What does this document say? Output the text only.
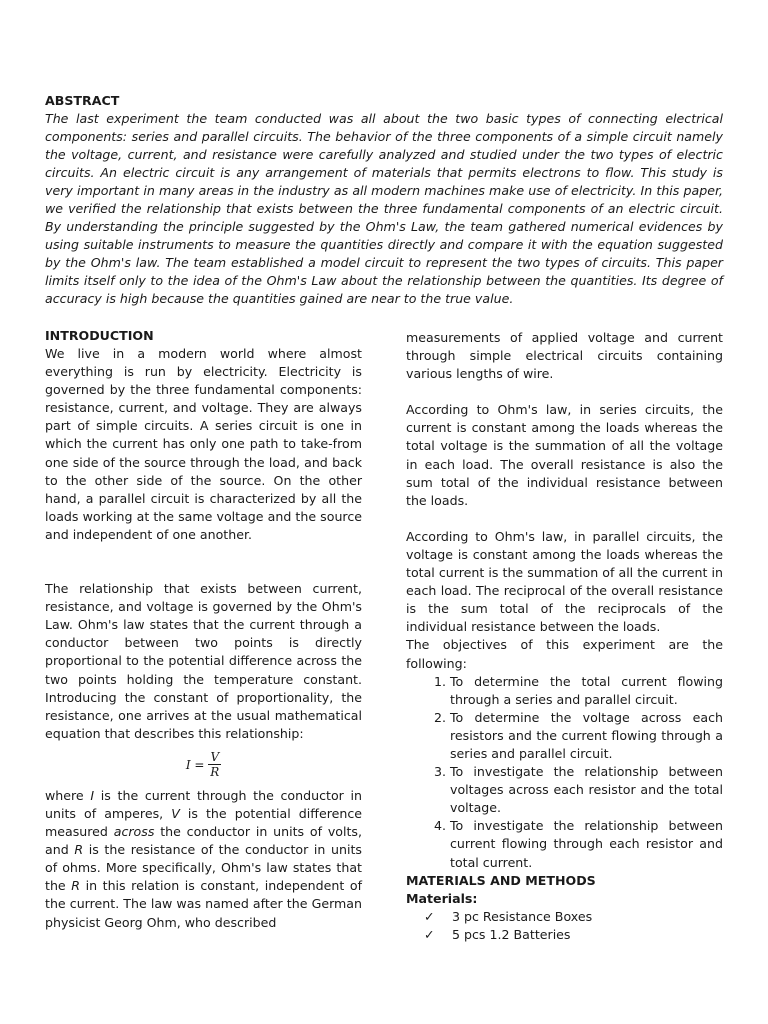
ABSTRACT

The last experiment the team conducted was all about the two basic types of connecting electrical components: series and parallel circuits. The behavior of the three components of a simple circuit namely the voltage, current, and resistance were carefully analyzed and studied under the two types of electric circuits. An electric circuit is any arrangement of materials that permits electrons to flow. This study is very important in many areas in the industry as all modern machines make use of electricity. In this paper, we verified the relationship that exists between the three fundamental components of an electric circuit. By understanding the principle suggested by the Ohm's Law, the team gathered numerical evidences by using suitable instruments to measure the quantities directly and compare it with the equation suggested by the Ohm's law. The team established a model circuit to represent the two types of circuits. This paper limits itself only to the idea of the Ohm's Law about the relationship between the quantities. Its degree of accuracy is high because the quantities gained are near to the true value.

INTRODUCTION

We live in a modern world where almost everything is run by electricity. Electricity is governed by the three fundamental components: resistance, current, and voltage. They are always part of simple circuits. A series circuit is one in which the current has only one path to take-from one side of the source through the load, and back to the other side of the source. On the other hand, a parallel circuit is characterized by all the loads working at the same voltage and the source and independent of one another.

The relationship that exists between current, resistance, and voltage is governed by the Ohm's Law. Ohm's law states that the current through a conductor between two points is directly proportional to the potential difference across the two points holding the temperature constant. Introducing the constant of proportionality, the resistance, one arrives at the usual mathematical equation that describes this relationship:

$I = \frac{V}{R}$

where I is the current through the conductor in units of amperes, V is the potential difference measured across the conductor in units of volts, and R is the resistance of the conductor in units of ohms. More specifically, Ohm's law states that the R in this relation is constant, independent of the current. The law was named after the German physicist Georg Ohm, who described

measurements of applied voltage and current through simple electrical circuits containing various lengths of wire.

According to Ohm's law, in series circuits, the current is constant among the loads whereas the total voltage is the summation of all the voltage in each load. The overall resistance is also the sum total of the individual resistance between the loads.

According to Ohm's law, in parallel circuits, the voltage is constant among the loads whereas the total current is the summation of all the current in each load. The reciprocal of the overall resistance is the sum total of the reciprocals of the individual resistance between the loads.

The objectives of this experiment are the following:

1. To determine the total current flowing through a series and parallel circuit.
2. To determine the voltage across each resistors and the current flowing through a series and parallel circuit.
3. To investigate the relationship between voltages across each resistor and the total voltage.
4. To investigate the relationship between current flowing through each resistor and total current.
MATERIALS AND METHODS
Materials:
✓	3 pc Resistance Boxes
✓	5 pcs 1.2 Batteries
